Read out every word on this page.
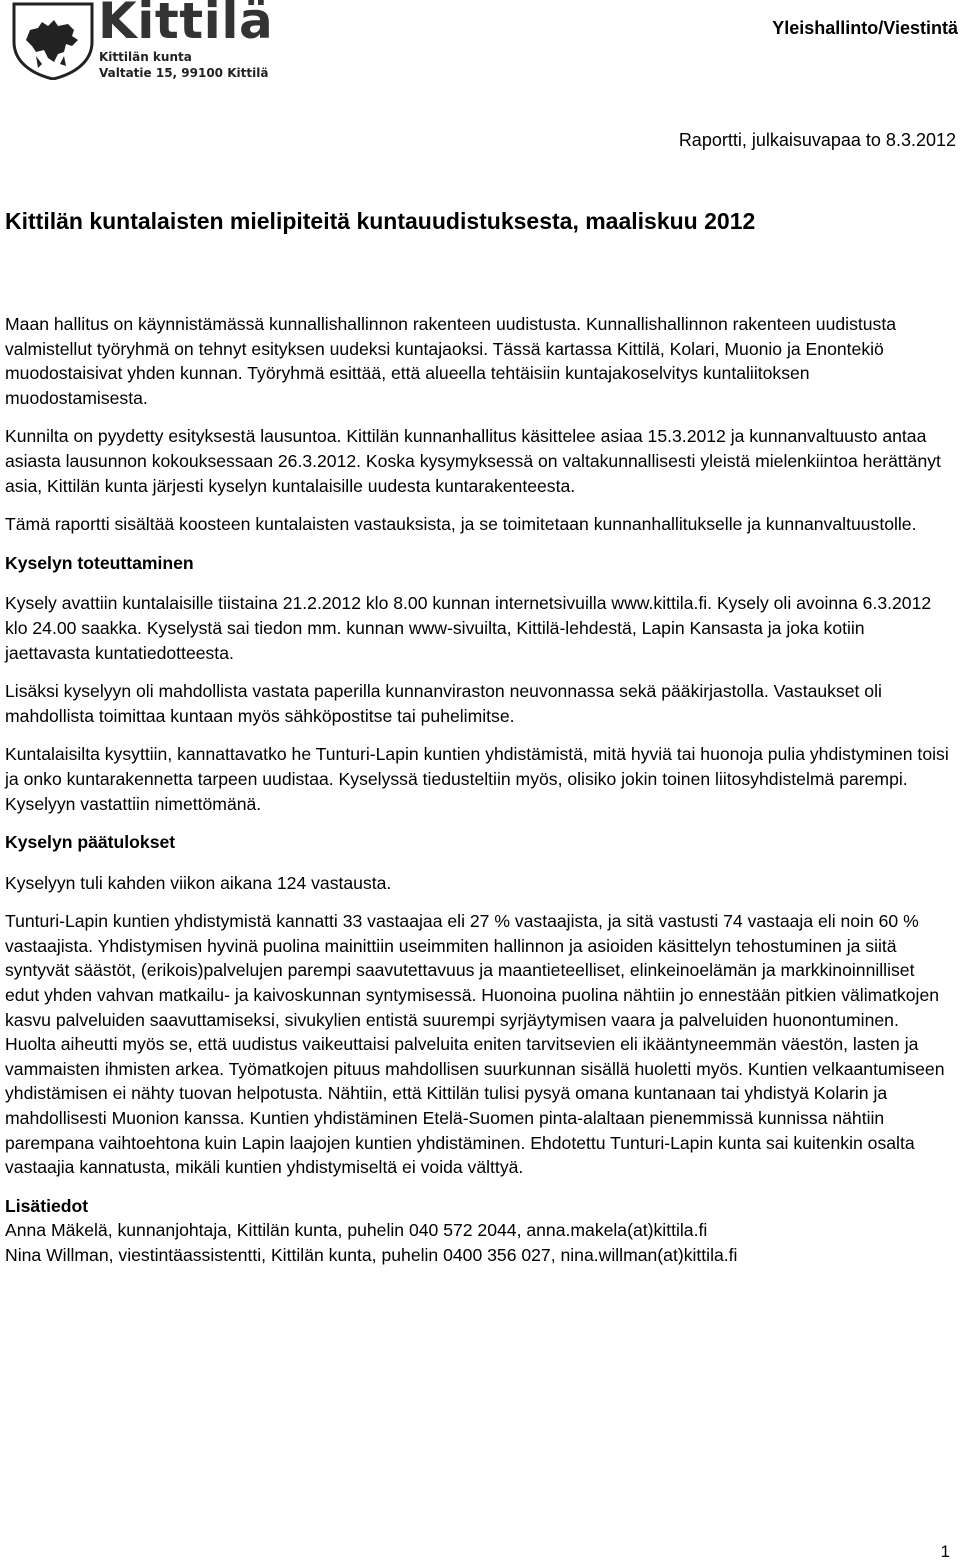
Kittilä
Kittilän kunta
Valtatie 15, 99100 Kittilä
Yleishallinto/Viestintä
Raportti, julkaisuvapaa to 8.3.2012
Kittilän kuntalaisten mielipiteitä kuntauudistuksesta, maaliskuu 2012

Maan hallitus on käynnistämässä kunnallishallinnon rakenteen uudistusta. Kunnallishallinnon rakenteen uudistusta valmistellut työryhmä on tehnyt esityksen uudeksi kuntajaoksi. Tässä kartassa Kittilä, Kolari, Muonio ja Enontekiö muodostaisivat yhden kunnan. Työryhmä esittää, että alueella tehtäisiin kuntajakoselvitys kuntaliitoksen muodostamisesta.

Kunnilta on pyydetty esityksestä lausuntoa. Kittilän kunnanhallitus käsittelee asiaa 15.3.2012 ja kunnanvaltuusto antaa asiasta lausunnon kokouksessaan 26.3.2012. Koska kysymyksessä on valtakunnallisesti yleistä mielenkiintoa herättänyt asia, Kittilän kunta järjesti kyselyn kuntalaisille uudesta kuntarakenteesta.

Tämä raportti sisältää koosteen kuntalaisten vastauksista, ja se toimitetaan kunnanhallitukselle ja kunnanvaltuustolle.

Kyselyn toteuttaminen

Kysely avattiin kuntalaisille tiistaina 21.2.2012 klo 8.00 kunnan internetsivuilla www.kittila.fi. Kysely oli avoinna 6.3.2012 klo 24.00 saakka. Kyselystä sai tiedon mm. kunnan www-sivuilta, Kittilä-lehdestä, Lapin Kansasta ja joka kotiin jaettavasta kuntatiedotteesta.

Lisäksi kyselyyn oli mahdollista vastata paperilla kunnanviraston neuvonnassa sekä pääkirjastolla. Vastaukset oli mahdollista toimittaa kuntaan myös sähköpostitse tai puhelimitse.

Kuntalaisilta kysyttiin, kannattavatko he Tunturi-Lapin kuntien yhdistämistä, mitä hyviä tai huonoja pulia yhdistyminen toisi ja onko kuntarakennetta tarpeen uudistaa. Kyselyssä tiedusteltiin myös, olisiko jokin toinen liitosyhdistelmä parempi. Kyselyyn vastattiin nimettömänä.

Kyselyn päätulokset

Kyselyyn tuli kahden viikon aikana 124 vastausta.

Tunturi-Lapin kuntien yhdistymistä kannatti 33 vastaajaa eli 27 % vastaajista, ja sitä vastusti 74 vastaaja eli noin 60 % vastaajista. Yhdistymisen hyvinä puolina mainittiin useimmiten hallinnon ja asioiden käsittelyn tehostuminen ja siitä syntyvät säästöt, (erikois)palvelujen parempi saavutettavuus ja maantieteelliset, elinkeinoelämän ja markkinoinnilliset edut yhden vahvan matkailu- ja kaivoskunnan syntymisessä. Huonoina puolina nähtiin jo ennestään pitkien välimatkojen kasvu palveluiden saavuttamiseksi, sivukylien entistä suurempi syrjäytymisen vaara ja palveluiden huonontuminen. Huolta aiheutti myös se, että uudistus vaikeuttaisi palveluita eniten tarvitsevien eli ikääntyneemmän väestön, lasten ja vammaisten ihmisten arkea. Työmatkojen pituus mahdollisen suurkunnan sisällä huoletti myös. Kuntien velkaantumiseen yhdistämisen ei nähty tuovan helpotusta. Nähtiin, että Kittilän tulisi pysyä omana kuntanaan tai yhdistyä Kolarin ja mahdollisesti Muonion kanssa. Kuntien yhdistäminen Etelä-Suomen pinta-alaltaan pienemmissä kunnissa nähtiin parempana vaihtoehtona kuin Lapin laajojen kuntien yhdistäminen. Ehdotettu Tunturi-Lapin kunta sai kuitenkin osalta vastaajia kannatusta, mikäli kuntien yhdistymiseltä ei voida välttyä.

Lisätiedot

Anna Mäkelä, kunnanjohtaja, Kittilän kunta, puhelin 040 572 2044, anna.makela(at)kittila.fi

Nina Willman, viestintäassistentti, Kittilän kunta, puhelin 0400 356 027, nina.willman(at)kittila.fi

1
